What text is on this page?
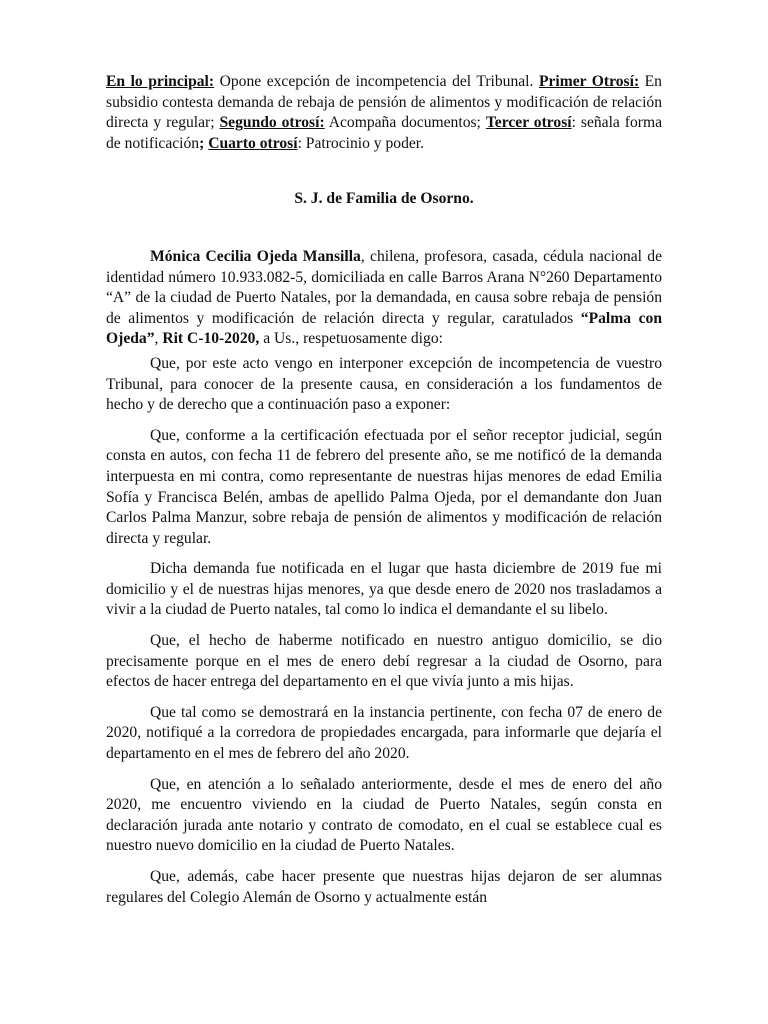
En lo principal: Opone excepción de incompetencia del Tribunal. Primer Otrosí: En subsidio contesta demanda de rebaja de pensión de alimentos y modificación de relación directa y regular; Segundo otrosí: Acompaña documentos; Tercer otrosí: señala forma de notificación; Cuarto otrosí: Patrocinio y poder.

S. J. de Familia de Osorno.

Mónica Cecilia Ojeda Mansilla, chilena, profesora, casada, cédula nacional de identidad número 10.933.082-5, domiciliada en calle Barros Arana N°260 Departamento “A” de la ciudad de Puerto Natales, por la demandada, en causa sobre rebaja de pensión de alimentos y modificación de relación directa y regular, caratulados “Palma con Ojeda”, Rit C-10-2020, a Us., respetuosamente digo:

Que, por este acto vengo en interponer excepción de incompetencia de vuestro Tribunal, para conocer de la presente causa, en consideración a los fundamentos de hecho y de derecho que a continuación paso a exponer:

Que, conforme a la certificación efectuada por el señor receptor judicial, según consta en autos, con fecha 11 de febrero del presente año, se me notificó de la demanda interpuesta en mi contra, como representante de nuestras hijas menores de edad Emilia Sofía y Francisca Belén, ambas de apellido Palma Ojeda, por el demandante don Juan Carlos Palma Manzur, sobre rebaja de pensión de alimentos y modificación de relación directa y regular.

Dicha demanda fue notificada en el lugar que hasta diciembre de 2019 fue mi domicilio y el de nuestras hijas menores, ya que desde enero de 2020 nos trasladamos a vivir a la ciudad de Puerto natales, tal como lo indica el demandante el su libelo.

Que, el hecho de haberme notificado en nuestro antiguo domicilio, se dio precisamente porque en el mes de enero debí regresar a la ciudad de Osorno, para efectos de hacer entrega del departamento en el que vivía junto a mis hijas.

Que tal como se demostrará en la instancia pertinente, con fecha 07 de enero de 2020, notifiqué a la corredora de propiedades encargada, para informarle que dejaría el departamento en el mes de febrero del año 2020.

Que, en atención a lo señalado anteriormente, desde el mes de enero del año 2020, me encuentro viviendo en la ciudad de Puerto Natales, según consta en declaración jurada ante notario y contrato de comodato, en el cual se establece cual es nuestro nuevo domicilio en la ciudad de Puerto Natales.

Que, además, cabe hacer presente que nuestras hijas dejaron de ser alumnas regulares del Colegio Alemán de Osorno y actualmente están
